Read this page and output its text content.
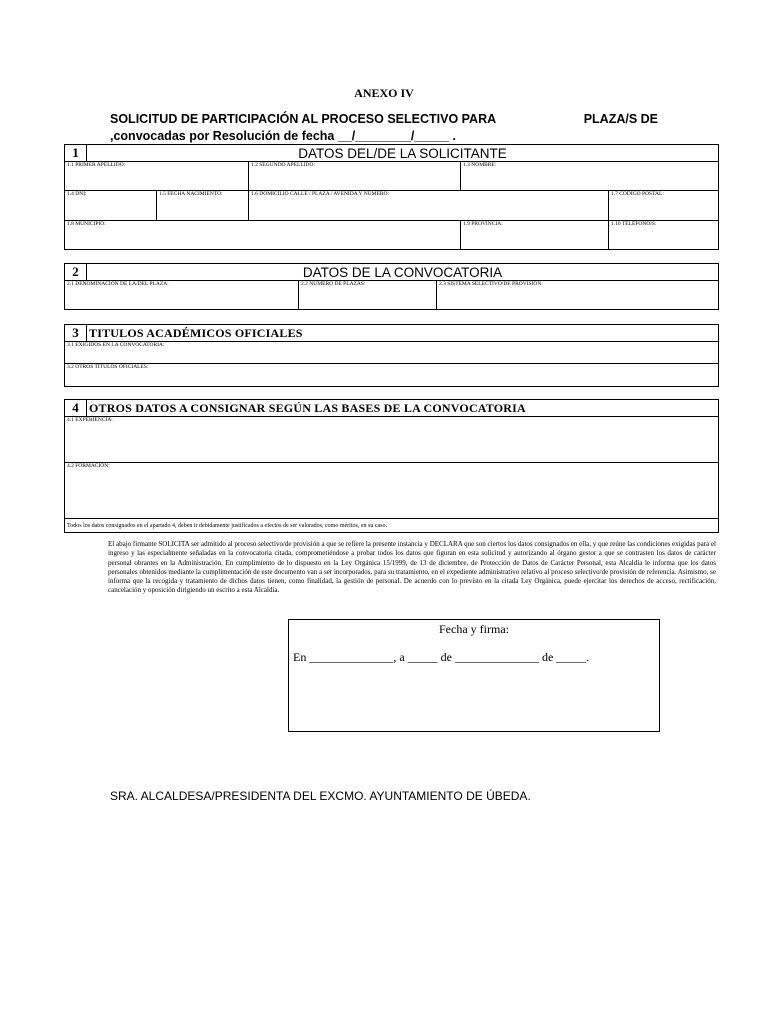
ANEXO IV
SOLICITUD DE PARTICIPACIÓN AL PROCESO SELECTIVO PARA	PLAZA/S DE
,convocadas por Resolución de fecha __/________/_____ .
1	DATOS DEL/DE LA SOLICITANTE				
1.1 PRIMER APELLIDO:			1.2 SEGUNDO APELLIDO:	1.3 NOMBRE:	
1.4 DNI:		1.5 FECHA NACIMIENTO:	1.6 DOMICILIO CALLE / PLAZA / AVENIDA Y NÚMERO:		1.7 CODIGO POSTAL:
1.8 MUNICIPIO:				1.9 PROVINCIA:	1.10 TELÉFONO/S:
2	DATOS DE LA CONVOCATORIA		
2.1 DENOMINACIÓN DE LA/DEL PLAZA:		2.2 NUMERO DE PLAZAS:	2.3 SISTEMA SELECTIVO/DE PROVISIÓN:
3	TITULOS ACADÉMICOS OFICIALES
3.1 EXIGIDOS EN LA CONVOCATORIA:
3.2 OTROS TITULOS OFICIALES:
4	OTROS DATOS A CONSIGNAR SEGÚN LAS BASES DE LA CONVOCATORIA
4.1 EXPERIENCIA:
4.2 FORMACIÓN:
Todos los datos consignados en el apartado 4, deben ir debidamente justificados a efectos de ser valorados, como méritos, en su caso.
El abajo firmante SOLICITA ser admitido al proceso selectivo/de provisión a que se refiere la presente instancia y DECLARA que son ciertos los datos consignados en ella, y que reúne las condiciones exigidas para el ingreso y las especialmente señaladas en la convocatoria citada, comprometiéndose a probar todos los datos que figuran en esta solicitud y autorizando al órgano gestor a que se contrasten los datos de carácter personal obrantes en la Administración. En cumplimiento de lo dispuesto en la Ley Orgánica 15/1999, de 13 de diciembre, de Protección de Datos de Carácter Personal, esta Alcaldía le informa que los datos personales obtenidos mediante la cumplimentación de este documento van a ser incorporados, para su tratamiento, en el expediente administrativo relativo al proceso selectivo/de provisión de referencia. Asimismo, se informa que la recogida y tratamiento de dichos datos tienen, como finalidad, la gestión de personal. De acuerdo con lo previsto en la citada Ley Orgánica, puede ejercitar los derechos de acceso, rectificación, cancelación y oposición dirigiendo un escrito a esta Alcaldía.
Fecha y firma:
En ______________, a _____ de ______________ de _____.
SRA. ALCALDESA/PRESIDENTA DEL EXCMO. AYUNTAMIENTO DE ÚBEDA.
